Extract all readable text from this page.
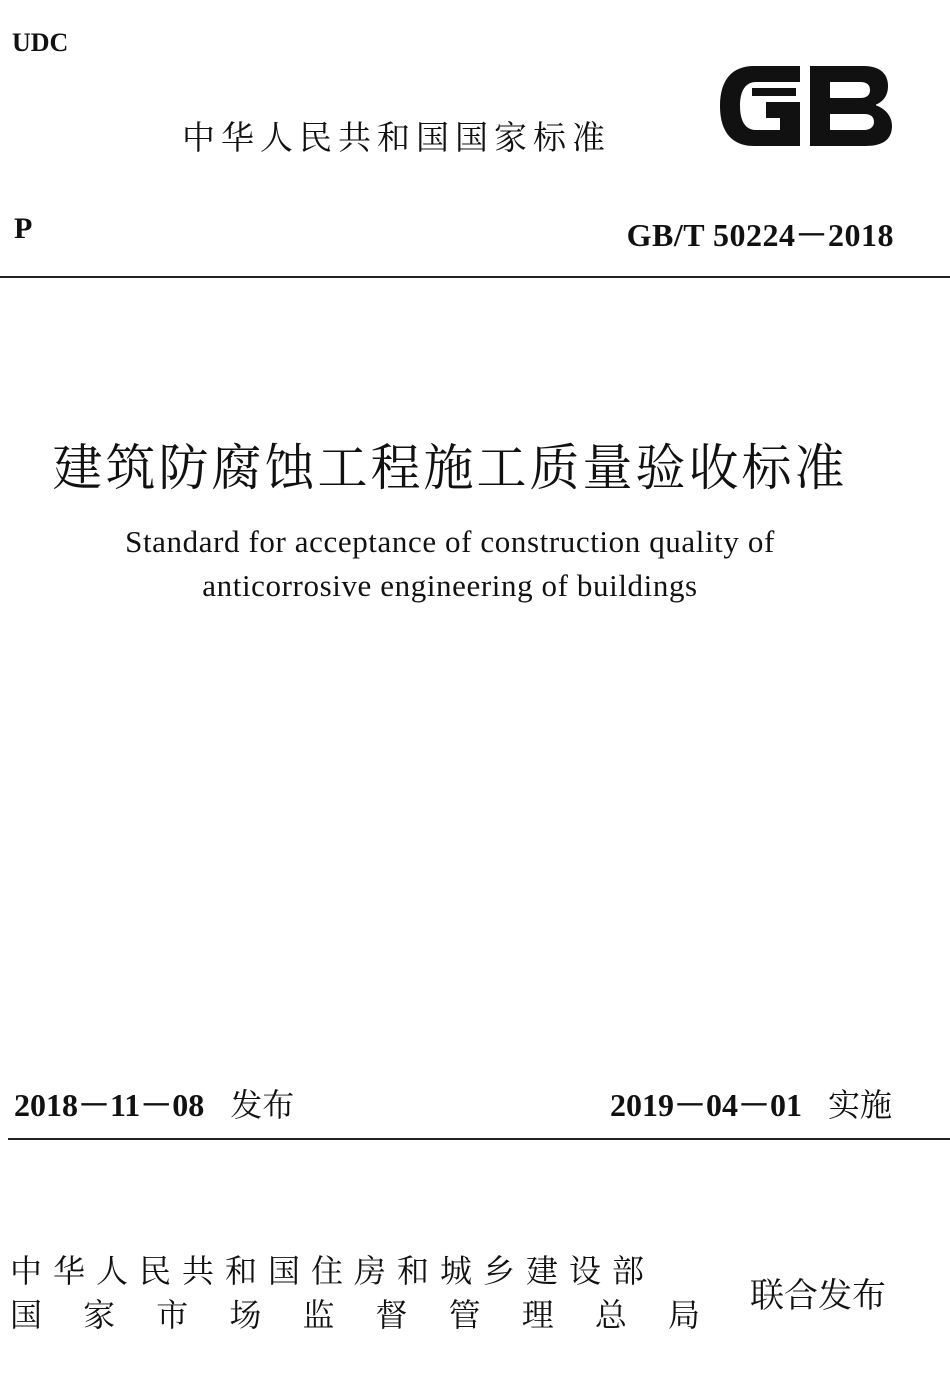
UDC
中华人民共和国国家标准
P	GB/T 50224－2018
建筑防腐蚀工程施工质量验收标准
Standard for acceptance of construction quality of
anticorrosive engineering of buildings
2018－11－08 发布	2019－04－01 实施
中华人民共和国住房和城乡建设部
国 家 市 场 监 督 管 理 总 局 联合发布
